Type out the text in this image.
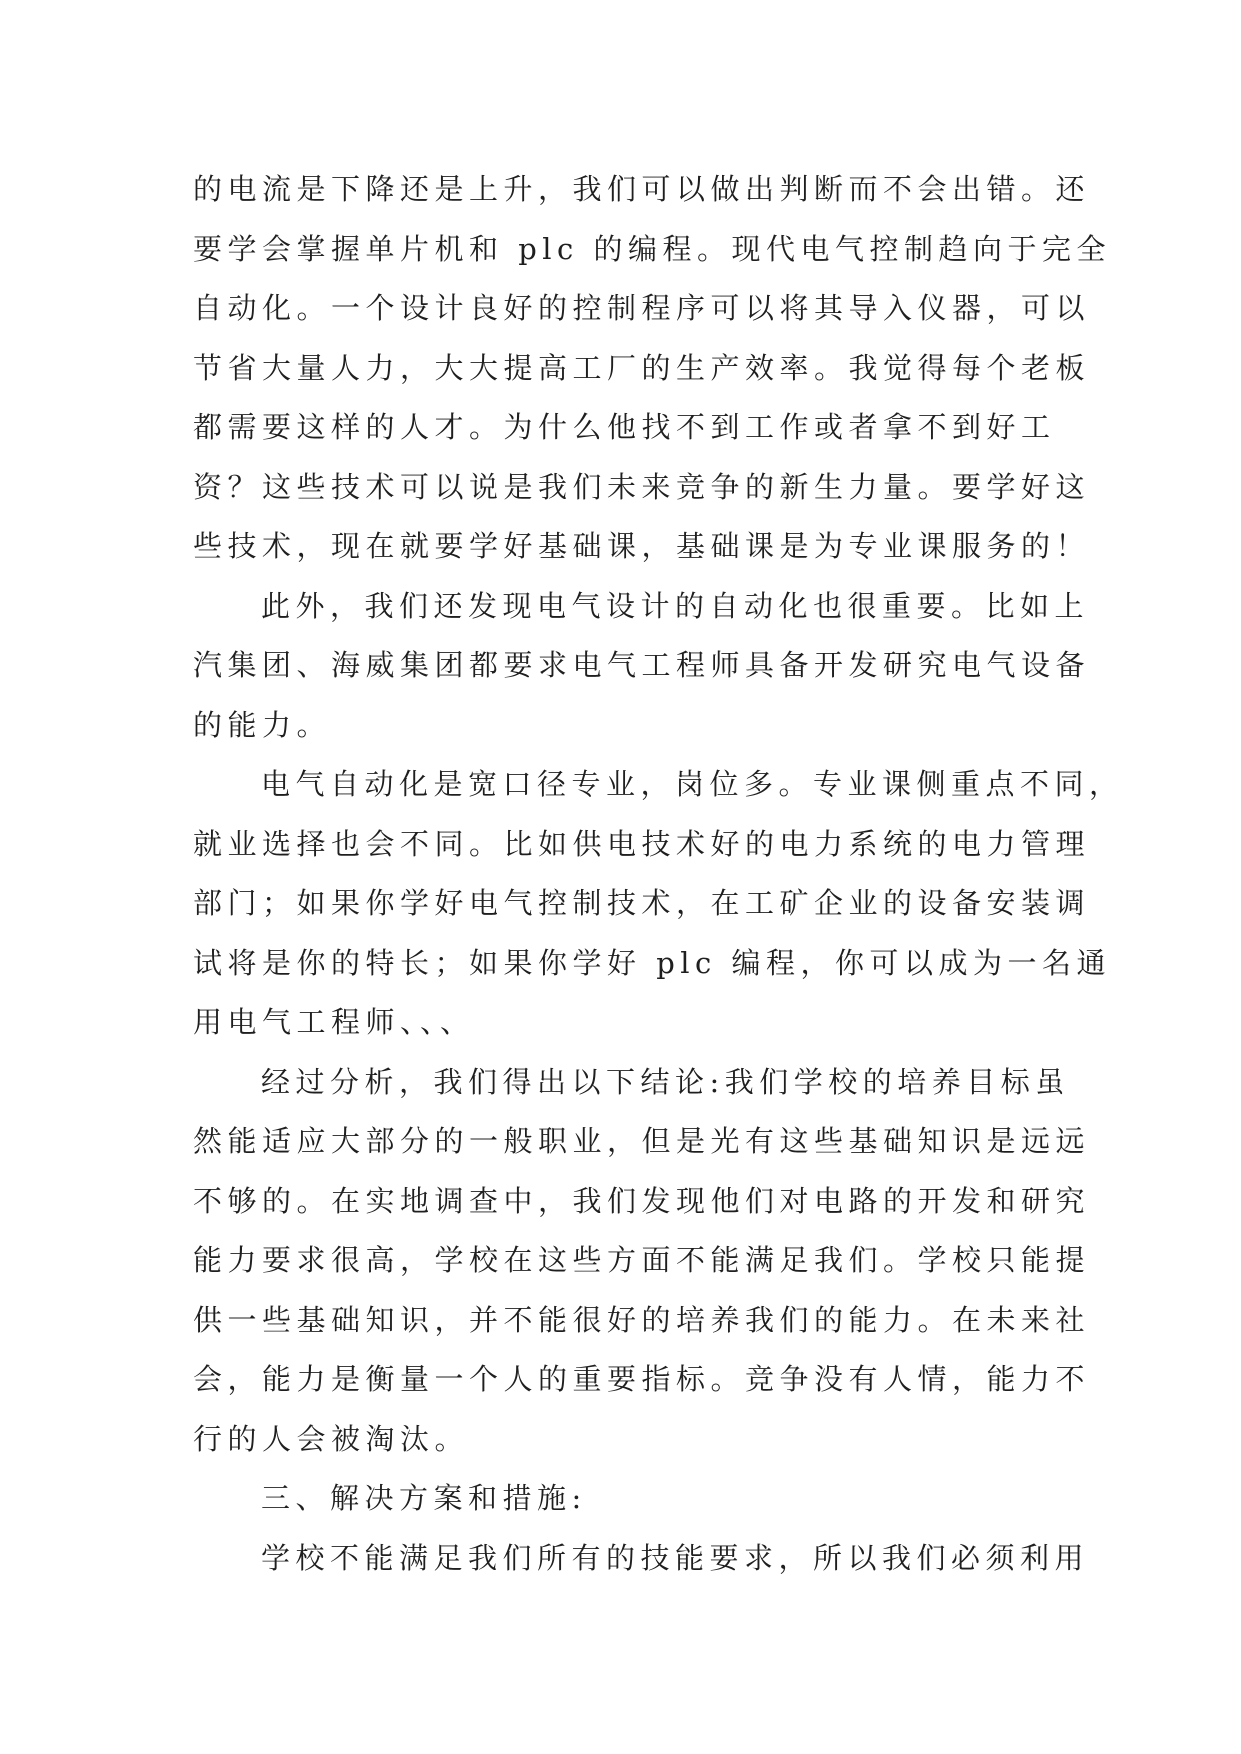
的电流是下降还是上升，我们可以做出判断而不会出错。还
要学会掌握单片机和 plc 的编程。现代电气控制趋向于完全
自动化。一个设计良好的控制程序可以将其导入仪器，可以
节省大量人力，大大提高工厂的生产效率。我觉得每个老板
都需要这样的人才。为什么他找不到工作或者拿不到好工
资？这些技术可以说是我们未来竞争的新生力量。要学好这
些技术，现在就要学好基础课，基础课是为专业课服务的！
此外，我们还发现电气设计的自动化也很重要。比如上
汽集团、海威集团都要求电气工程师具备开发研究电气设备
的能力。
电气自动化是宽口径专业，岗位多。专业课侧重点不同，
就业选择也会不同。比如供电技术好的电力系统的电力管理
部门；如果你学好电气控制技术，在工矿企业的设备安装调
试将是你的特长；如果你学好 plc 编程，你可以成为一名通
用电气工程师、、、
经过分析，我们得出以下结论:我们学校的培养目标虽
然能适应大部分的一般职业，但是光有这些基础知识是远远
不够的。在实地调查中，我们发现他们对电路的开发和研究
能力要求很高，学校在这些方面不能满足我们。学校只能提
供一些基础知识，并不能很好的培养我们的能力。在未来社
会，能力是衡量一个人的重要指标。竞争没有人情，能力不
行的人会被淘汰。
三、解决方案和措施:
学校不能满足我们所有的技能要求，所以我们必须利用
